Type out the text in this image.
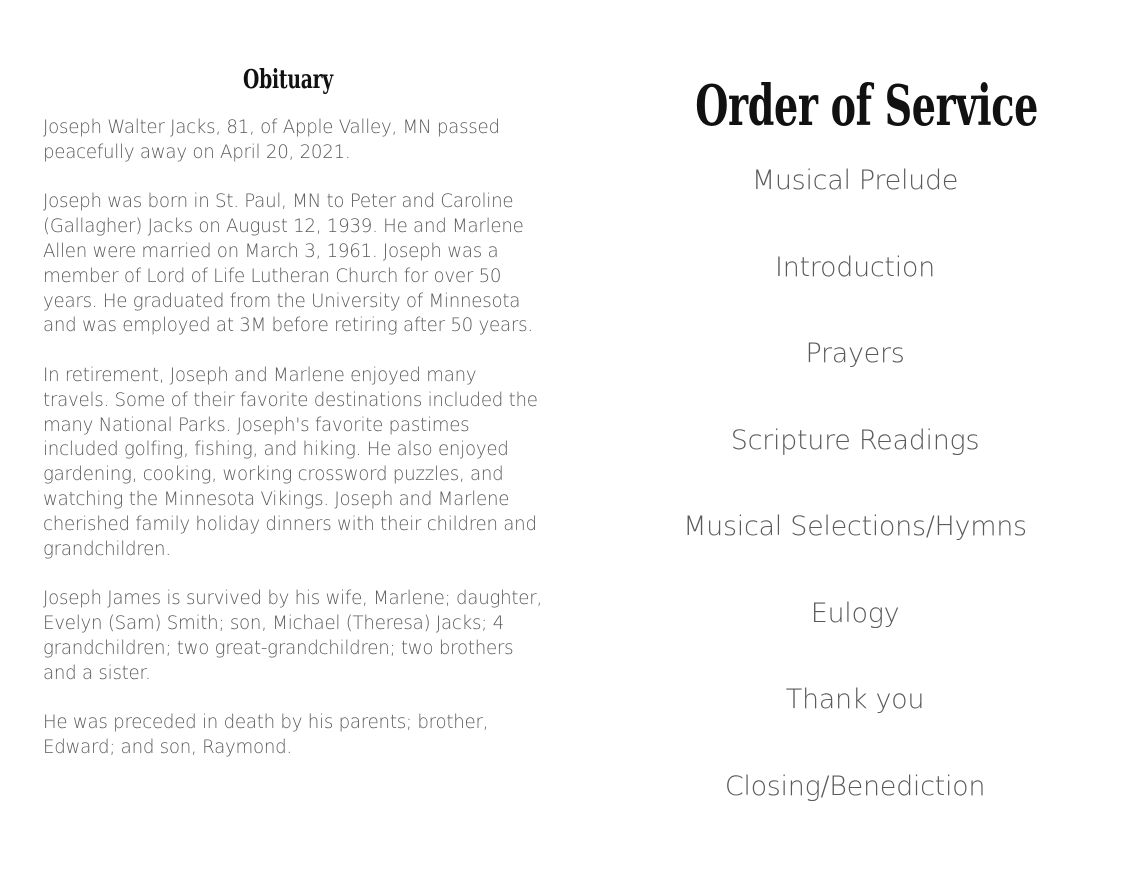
Obituary

Joseph Walter Jacks, 81, of Apple Valley, MN passed peacefully away on April 20, 2021.

Joseph was born in St. Paul, MN to Peter and Caroline (Gallagher) Jacks on August 12, 1939. He and Marlene Allen were married on March 3, 1961. Joseph was a member of Lord of Life Lutheran Church for over 50 years. He graduated from the University of Minnesota and was employed at 3M before retiring after 50 years.

In retirement, Joseph and Marlene enjoyed many travels. Some of their favorite destinations included the many National Parks. Joseph's favorite pastimes included golfing, fishing, and hiking. He also enjoyed gardening, cooking, working crossword puzzles, and watching the Minnesota Vikings. Joseph and Marlene cherished family holiday dinners with their children and grandchildren.

Joseph James is survived by his wife, Marlene; daughter, Evelyn (Sam) Smith; son, Michael (Theresa) Jacks; 4 grandchildren; two great-grandchildren; two brothers and a sister.

He was preceded in death by his parents; brother, Edward; and son, Raymond.

Order of Service
Musical Prelude
Introduction
Prayers
Scripture Readings
Musical Selections/Hymns
Eulogy
Thank you
Closing/Benediction
